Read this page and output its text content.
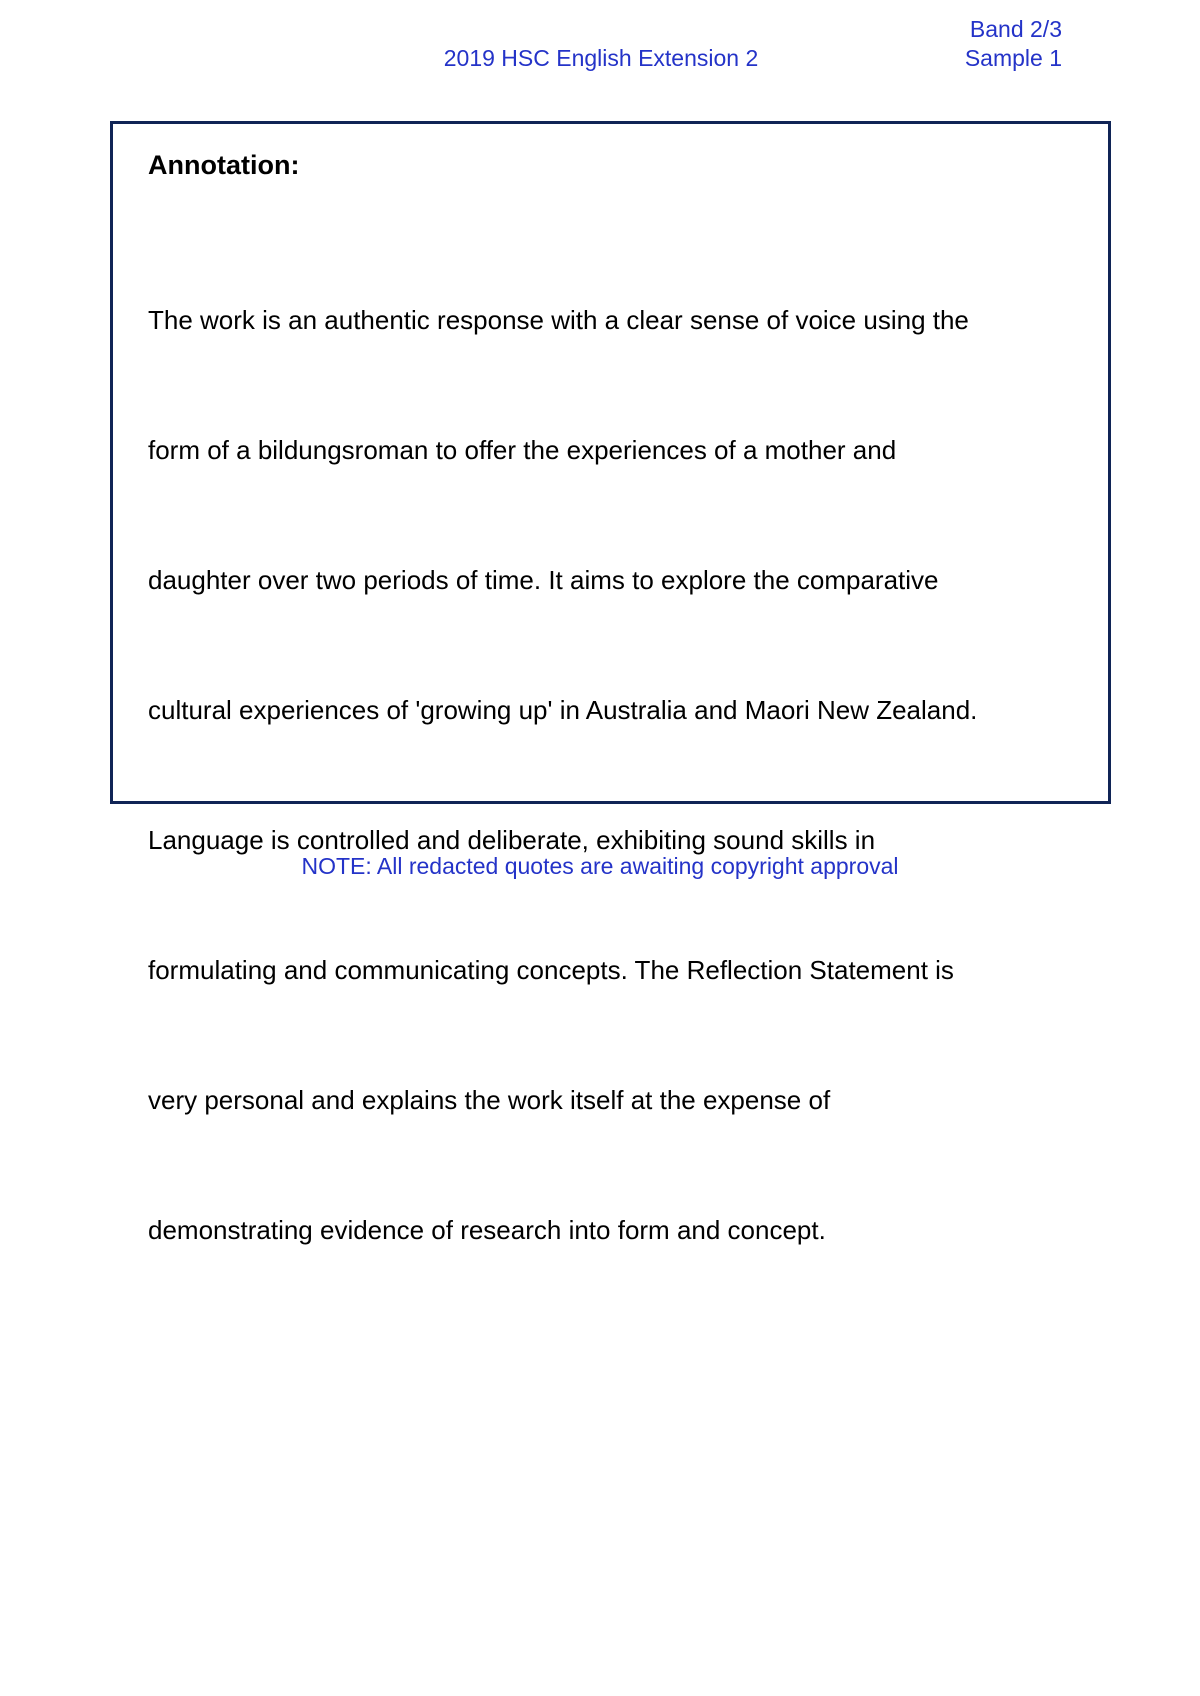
2019 HSC English Extension 2
Band 2/3
Sample 1
Annotation:

The work is an authentic response with a clear sense of voice using the

form of a bildungsroman to offer the experiences of a mother and

daughter over two periods of time. It aims to explore the comparative

cultural experiences of 'growing up' in Australia and Maori New Zealand.

Language is controlled and deliberate, exhibiting sound skills in

formulating and communicating concepts. The Reflection Statement is

very personal and explains the work itself at the expense of

demonstrating evidence of research into form and concept.

NOTE: All redacted quotes are awaiting copyright approval
